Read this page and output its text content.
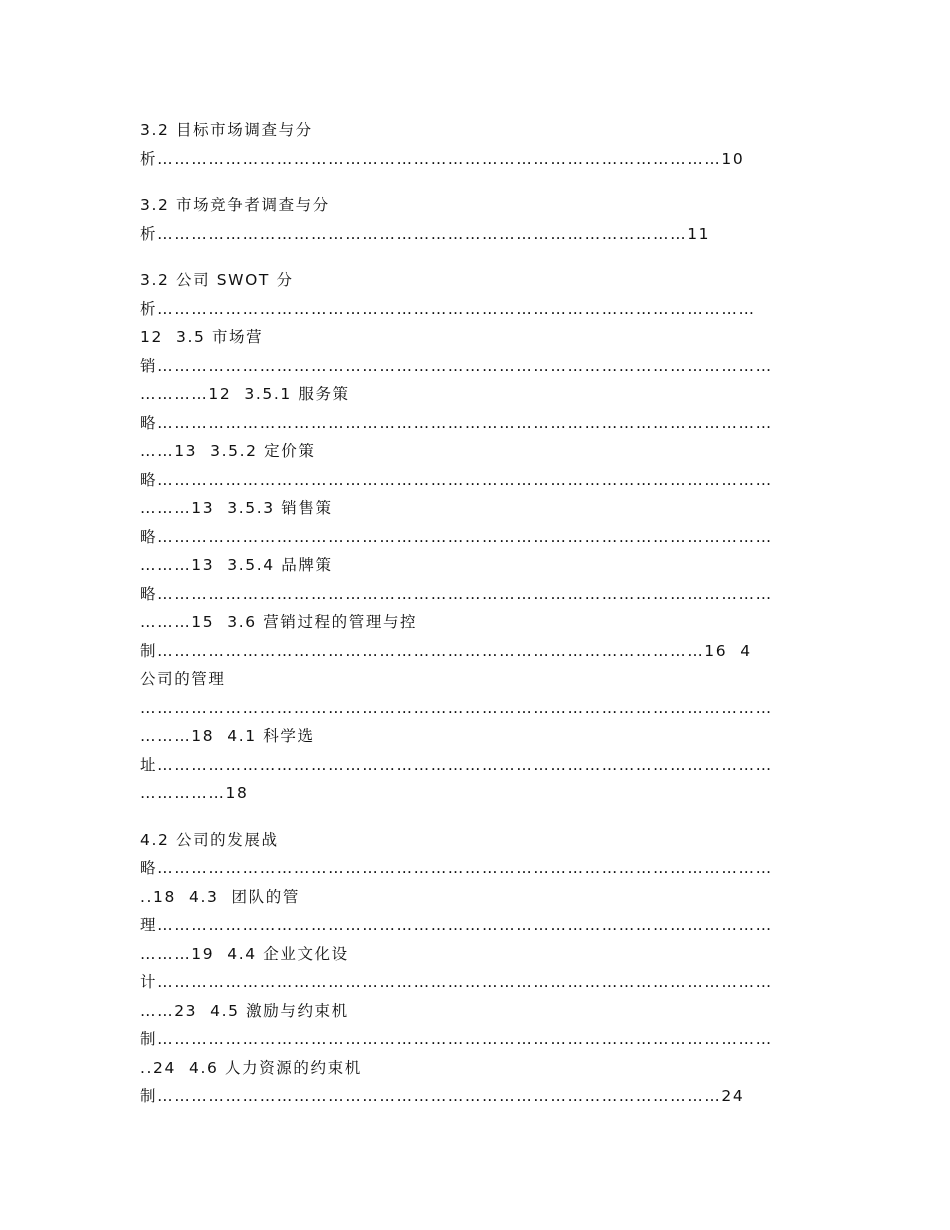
3.2 目标市场调查与分
析………………………………………………………………………………………10
3.2 市场竞争者调查与分
析…………………………………………………………………………………11
3.2 公司 SWOT 分
析……………………………………………………………………………………………
12  3.5 市场营
销………………………………………………………………………………………………
…………12  3.5.1 服务策
略………………………………………………………………………………………………
……13  3.5.2 定价策
略………………………………………………………………………………………………
………13  3.5.3 销售策
略………………………………………………………………………………………………
………13  3.5.4 品牌策
略………………………………………………………………………………………………
………15  3.6 营销过程的管理与控
制……………………………………………………………………………………16  4
公司的管理
…………………………………………………………………………………………………
………18  4.1 科学选
址………………………………………………………………………………………………
……………18
4.2 公司的发展战
略………………………………………………………………………………………………
..18  4.3  团队的管
理………………………………………………………………………………………………
………19  4.4 企业文化设
计………………………………………………………………………………………………
……23  4.5 激励与约束机
制………………………………………………………………………………………………
..24  4.6 人力资源的约束机
制………………………………………………………………………………………24
